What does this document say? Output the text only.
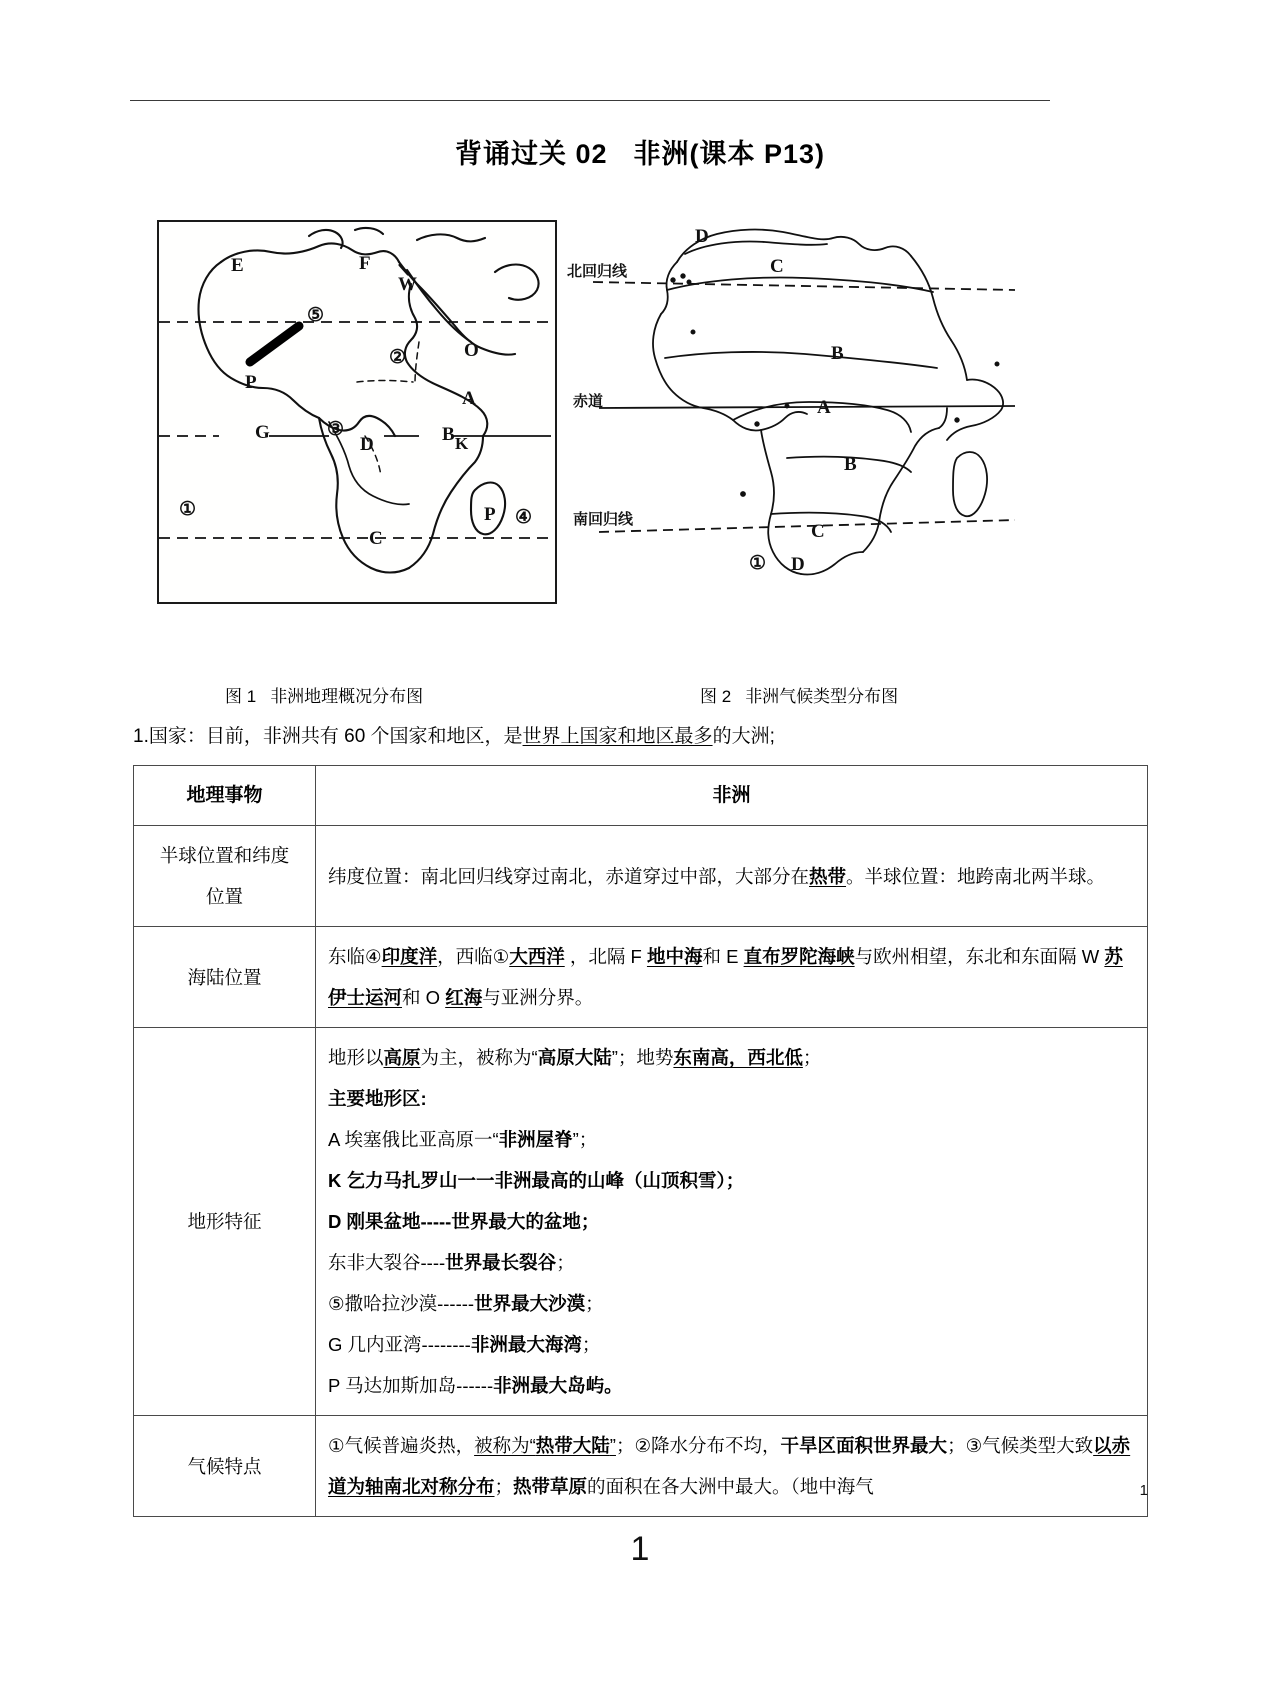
背诵过关 02 非洲(课本 P13)
E	F
W
O
A
⑤
②
P
G	③
D	B K
①
C
P ④
北回归线
赤道
南回归线
D
C
B
A
B
C
① D
图 1 非洲地理概况分布图	图 2 非洲气候类型分布图
1.国家：目前，非洲共有 60 个国家和地区，是世界上国家和地区最多的大洲;
地理事物	非洲

半球位置和纬度
位置	纬度位置：南北回归线穿过南北，赤道穿过中部，大部分在热带。半球位置：地跨南北两半球。

海陆位置	东临④印度洋，西临①大西洋 ，北隔 F 地中海和 E 直布罗陀海峡与欧州相望，东北和东面隔 W 苏伊士运河和 O 红海与亚洲分界。

地形特征	

地形以高原为主，被称为“高原大陆”；地势东南高，西北低；

主要地形区:

A 埃塞俄比亚高原一“非洲屋脊”；

K 乞力马扎罗山一一非洲最高的山峰（山顶积雪）；

D 刚果盆地-----世界最大的盆地；

东非大裂谷----世界最长裂谷；

⑤撒哈拉沙漠------世界最大沙漠；

G 几内亚湾--------非洲最大海湾；

P 马达加斯加岛------非洲最大岛屿。

气候特点	①气候普遍炎热，被称为“热带大陆”；②降水分布不均，干旱区面积世界最大；③气候类型大致以赤道为轴南北对称分布；热带草原的面积在各大洲中最大。（地中海气	1
1
